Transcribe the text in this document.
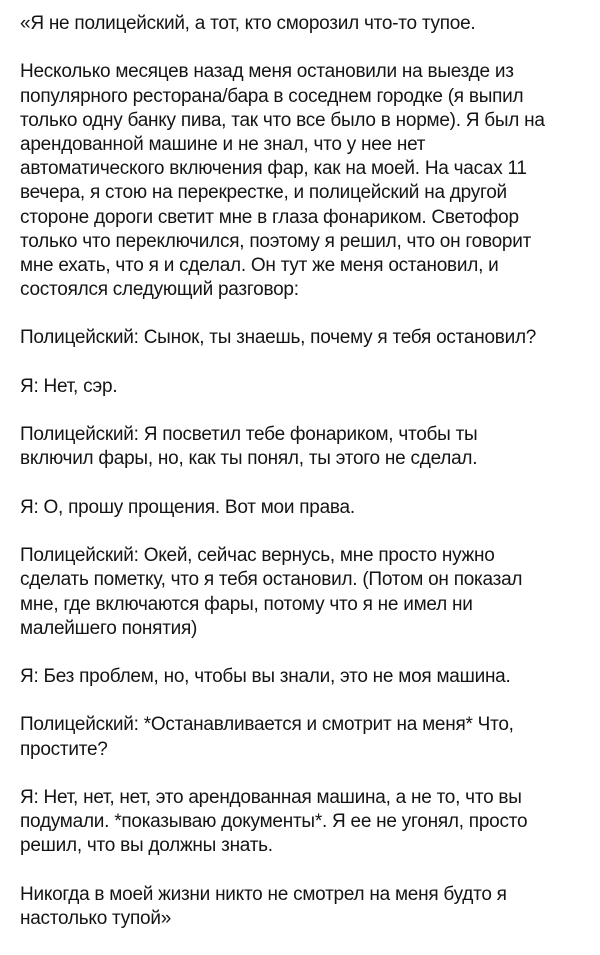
«Я не полицейский, а тот, кто сморозил что-то тупое.

Несколько месяцев назад меня остановили на выезде из
популярного ресторана/бара в соседнем городке (я выпил
только одну банку пива, так что все было в норме). Я был на
арендованной машине и не знал, что у нее нет
автоматического включения фар, как на моей. На часах 11
вечера, я стою на перекрестке, и полицейский на другой
стороне дороги светит мне в глаза фонариком. Светофор
только что переключился, поэтому я решил, что он говорит
мне ехать, что я и сделал. Он тут же меня остановил, и
состоялся следующий разговор:

Полицейский: Сынок, ты знаешь, почему я тебя остановил?

Я: Нет, сэр.

Полицейский: Я посветил тебе фонариком, чтобы ты
включил фары, но, как ты понял, ты этого не сделал.

Я: О, прошу прощения. Вот мои права.

Полицейский: Окей, сейчас вернусь, мне просто нужно
сделать пометку, что я тебя остановил. (Потом он показал
мне, где включаются фары, потому что я не имел ни
малейшего понятия)

Я: Без проблем, но, чтобы вы знали, это не моя машина.

Полицейский: *Останавливается и смотрит на меня* Что,
простите?

Я: Нет, нет, нет, это арендованная машина, а не то, что вы
подумали. *показываю документы*. Я ее не угонял, просто
решил, что вы должны знать.

Никогда в моей жизни никто не смотрел на меня будто я
настолько тупой»
